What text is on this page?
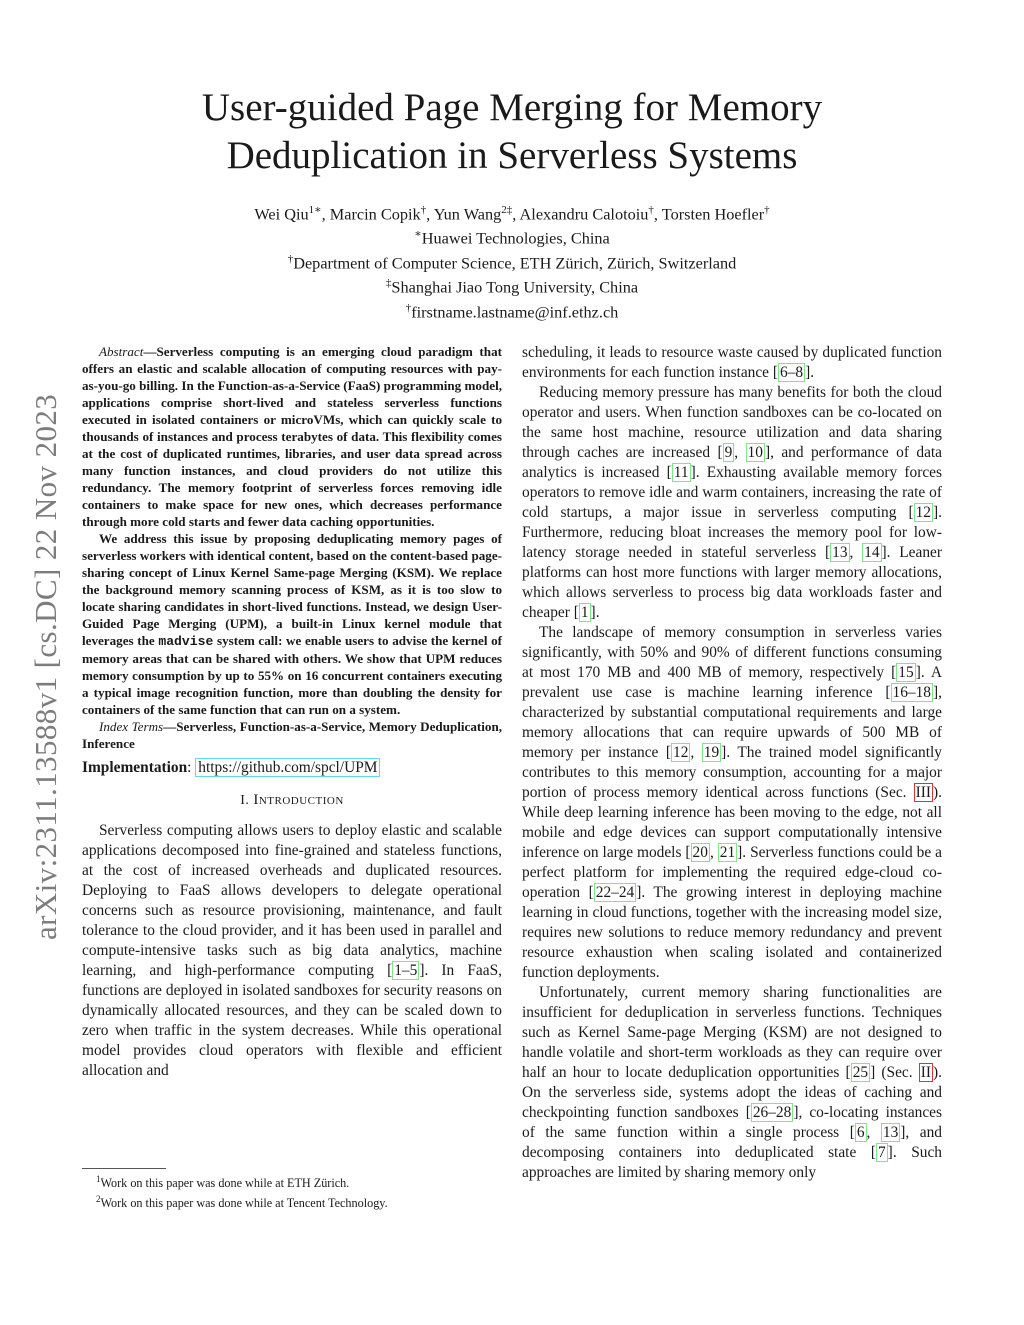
arXiv:2311.13588v1 [cs.DC] 22 Nov 2023
User-guided Page Merging for Memory
Deduplication in Serverless Systems
Wei Qiu$^{1∗}$, Marcin Copik†, Yun Wang$^{2\ddagger}$, Alexandru Calotoiu†, Torsten Hoefler†
∗Huawei Technologies, China
†Department of Computer Science, ETH Zürich, Zürich, Switzerland
‡Shanghai Jiao Tong University, China
†firstname.lastname@inf.ethz.ch

Abstract—Serverless computing is an emerging cloud paradigm that offers an elastic and scalable allocation of computing resources with pay-as-you-go billing. In the Function-as-a-Service (FaaS) programming model, applications comprise short-lived and stateless serverless functions executed in isolated containers or microVMs, which can quickly scale to thousands of instances and process terabytes of data. This flexibility comes at the cost of duplicated runtimes, libraries, and user data spread across many function instances, and cloud providers do not utilize this redundancy. The memory footprint of serverless forces removing idle containers to make space for new ones, which decreases performance through more cold starts and fewer data caching opportunities.

We address this issue by proposing deduplicating memory pages of serverless workers with identical content, based on the content-based page-sharing concept of Linux Kernel Same-page Merging (KSM). We replace the background memory scanning process of KSM, as it is too slow to locate sharing candidates in short-lived functions. Instead, we design User-Guided Page Merging (UPM), a built-in Linux kernel module that leverages the madvise system call: we enable users to advise the kernel of memory areas that can be shared with others. We show that UPM reduces memory consumption by up to 55% on 16 concurrent containers executing a typical image recognition function, more than doubling the density for containers of the same function that can run on a system.

Index Terms—Serverless, Function-as-a-Service, Memory Deduplication, Inference

Implementation: https://github.com/spcl/UPM
I. Introduction

Serverless computing allows users to deploy elastic and scalable applications decomposed into fine-grained and stateless functions, at the cost of increased overheads and duplicated resources. Deploying to FaaS allows developers to delegate operational concerns such as resource provisioning, maintenance, and fault tolerance to the cloud provider, and it has been used in parallel and compute-intensive tasks such as big data analytics, machine learning, and high-performance computing [ 1–5 ]. In FaaS, functions are deployed in isolated sandboxes for security reasons on dynamically allocated resources, and they can be scaled down to zero when traffic in the system decreases. While this operational model provides cloud operators with flexible and efficient allocation and

$^1$Work on this paper was done while at ETH Zürich.

$^2$Work on this paper was done while at Tencent Technology.

scheduling, it leads to resource waste caused by duplicated function environments for each function instance [ 6–8 ].

Reducing memory pressure has many benefits for both the cloud operator and users. When function sandboxes can be co-located on the same host machine, resource utilization and data sharing through caches are increased [ 9 , 10 ], and performance of data analytics is increased [ 11 ]. Exhausting available memory forces operators to remove idle and warm containers, increasing the rate of cold startups, a major issue in serverless computing [ 12 ]. Furthermore, reducing bloat increases the memory pool for low-latency storage needed in stateful serverless [ 13 , 14 ]. Leaner platforms can host more functions with larger memory allocations, which allows serverless to process big data workloads faster and cheaper [ 1 ].

The landscape of memory consumption in serverless varies significantly, with 50% and 90% of different functions consuming at most 170 MB and 400 MB of memory, respectively [ 15 ]. A prevalent use case is machine learning inference [ 16–18 ], characterized by substantial computational requirements and large memory allocations that can require upwards of 500 MB of memory per instance [ 12 , 19 ]. The trained model significantly contributes to this memory consumption, accounting for a major portion of process memory identical across functions (Sec. III ). While deep learning inference has been moving to the edge, not all mobile and edge devices can support computationally intensive inference on large models [ 20 , 21 ]. Serverless functions could be a perfect platform for implementing the required edge-cloud co-operation [ 22–24 ]. The growing interest in deploying machine learning in cloud functions, together with the increasing model size, requires new solutions to reduce memory redundancy and prevent resource exhaustion when scaling isolated and containerized function deployments.

Unfortunately, current memory sharing functionalities are insufficient for deduplication in serverless functions. Techniques such as Kernel Same-page Merging (KSM) are not designed to handle volatile and short-term workloads as they can require over half an hour to locate deduplication opportunities [ 25 ] (Sec. II ). On the serverless side, systems adopt the ideas of caching and checkpointing function sandboxes [ 26–28 ], co-locating instances of the same function within a single process [ 6 , 13 ], and decomposing containers into deduplicated state [ 7 ]. Such approaches are limited by sharing memory only
